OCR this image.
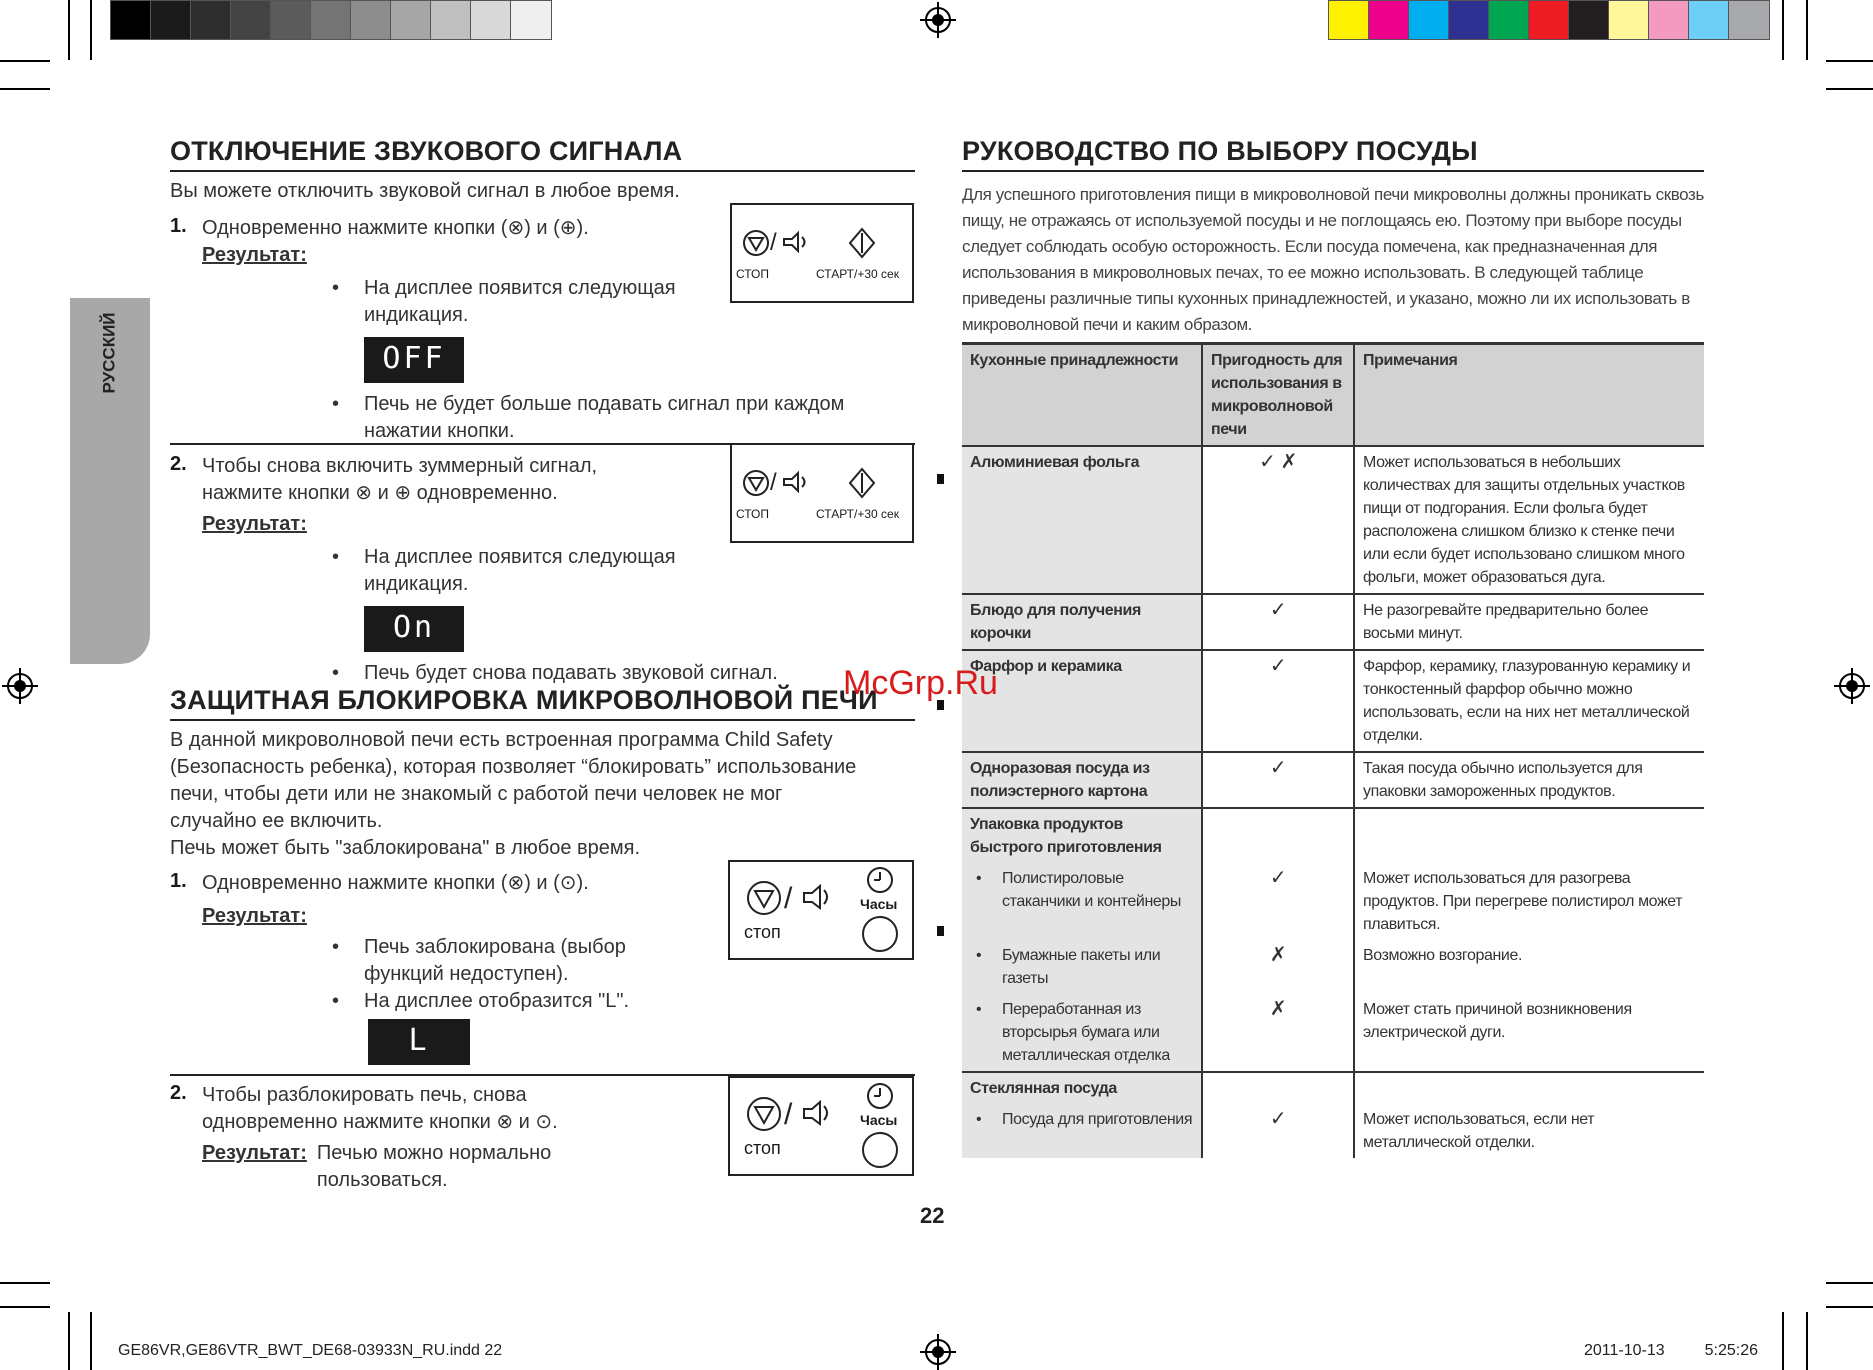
РУССКИЙ
ОТКЛЮЧЕНИЕ ЗВУКОВОГО СИГНАЛА
Вы можете отключить звуковой сигнал в любое время.
1. Одновременно нажмите кнопки (⊗) и (⊕).
Результат:
• На дисплее появится следующая индикация.
OFF
• Печь не будет больше подавать сигнал при каждом нажатии кнопки.
/
СТОП	СТАРТ/+30 сек
2. Чтобы снова включить зуммерный сигнал, нажмите кнопки ⊗ и ⊕ одновременно.
Результат:
• На дисплее появится следующая индикация.
On
• Печь будет снова подавать звуковой сигнал.
/
СТОП	СТАРТ/+30 сек
ЗАЩИТНАЯ БЛОКИРОВКА МИКРОВОЛНОВОЙ ПЕЧИ
В данной микроволновой печи есть встроенная программа Child Safety (Безопасность ребенка), которая позволяет “блокировать” использование печи, чтобы дети или не знакомый с работой печи человек не мог случайно ее включить.
Печь может быть "заблокирована" в любое время.
1. Одновременно нажмите кнопки (⊗) и (⊙).
Результат:
• Печь заблокирована (выбор функций недоступен).
• На дисплее отобразится "L".
L
/
стоп
Часы
2. Чтобы разблокировать печь, снова одновременно нажмите кнопки ⊗ и ⊙.
Результат: Печью можно нормально пользоваться.
/
стоп
Часы
РУКОВОДСТВО ПО ВЫБОРУ ПОСУДЫ
Для успешного приготовления пищи в микроволновой печи микроволны должны проникать сквозь пищу, не отражаясь от используемой посуды и не поглощаясь ею. Поэтому при выборе посуды следует соблюдать особую осторожность. Если посуда помечена, как предназначенная для использования в микроволновых печах, то ее можно использовать. В следующей таблице приведены различные типы кухонных принадлежностей, и указано, можно ли их использовать в микроволновой печи и каким образом.
Кухонные принадлежности	Пригодность для использования в микроволновой печи	Примечания
Алюминиевая фольга	✓ ✗	Может использоваться в небольших количествах для защиты отдельных участков пищи от подгорания. Если фольга будет расположена слишком близко к стенке печи или если будет использовано слишком много фольги, может образоваться дуга.
Блюдо для получения корочки	✓	Не разогревайте предварительно более восьми минут.
Фарфор и керамика	✓	Фарфор, керамику, глазурованную керамику и тонкостенный фарфор обычно можно использовать, если на них нет металлической отделки.
Одноразовая посуда из полиэстерного картона	✓	Такая посуда обычно используется для упаковки замороженных продуктов.
Упаковка продуктов быстрого приготовления		

• Полистироловые стаканчики и контейнеры	✓	Может использоваться для разогрева продуктов. При перегреве полистирол может плавиться.

• Бумажные пакеты или газеты	✗	Возможно возгорание.

• Переработанная из вторсырья бумага или металлическая отделка	✗	Может стать причиной возникновения электрической дуги.
Стеклянная посуда		

• Посуда для приготовления	✓	Может использоваться, если нет металлической отделки.
McGrp.Ru
22
GE86VR,GE86VTR_BWT_DE68-03933N_RU.indd 22	2011-10-13	5:25:26
